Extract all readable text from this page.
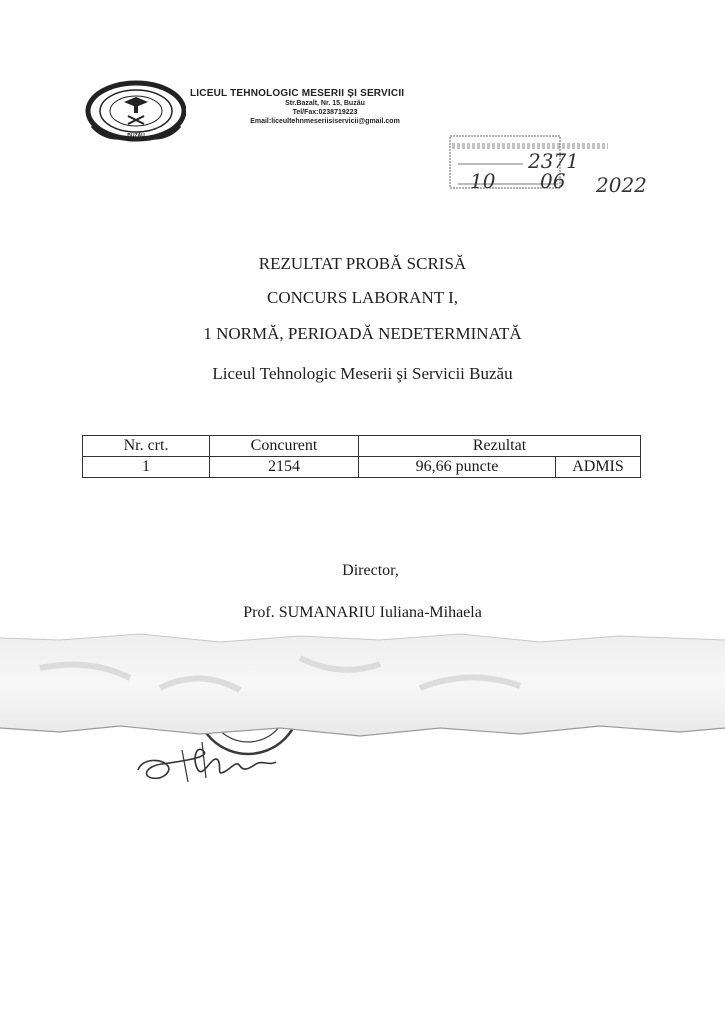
BUZĂU
LICEUL TEHNOLOGIC MESERII ȘI SERVICII
Str.Bazalt, Nr. 15, Buzău
Tel/Fax:0238719223
Email:liceultehnmeseriisiservicii@gmail.com
2371
10 06 2022
REZULTAT PROBĂ SCRISĂ
CONCURS LABORANT I,
1 NORMĂ, PERIOADĂ NEDETERMINATĂ
Liceul Tehnologic Meserii şi Servicii Buzău
Nr. crt.	Concurent	Rezultat	
1	2154	96,66 puncte	ADMIS
Director,
Prof. SUMANARIU Iuliana-Mihaela
